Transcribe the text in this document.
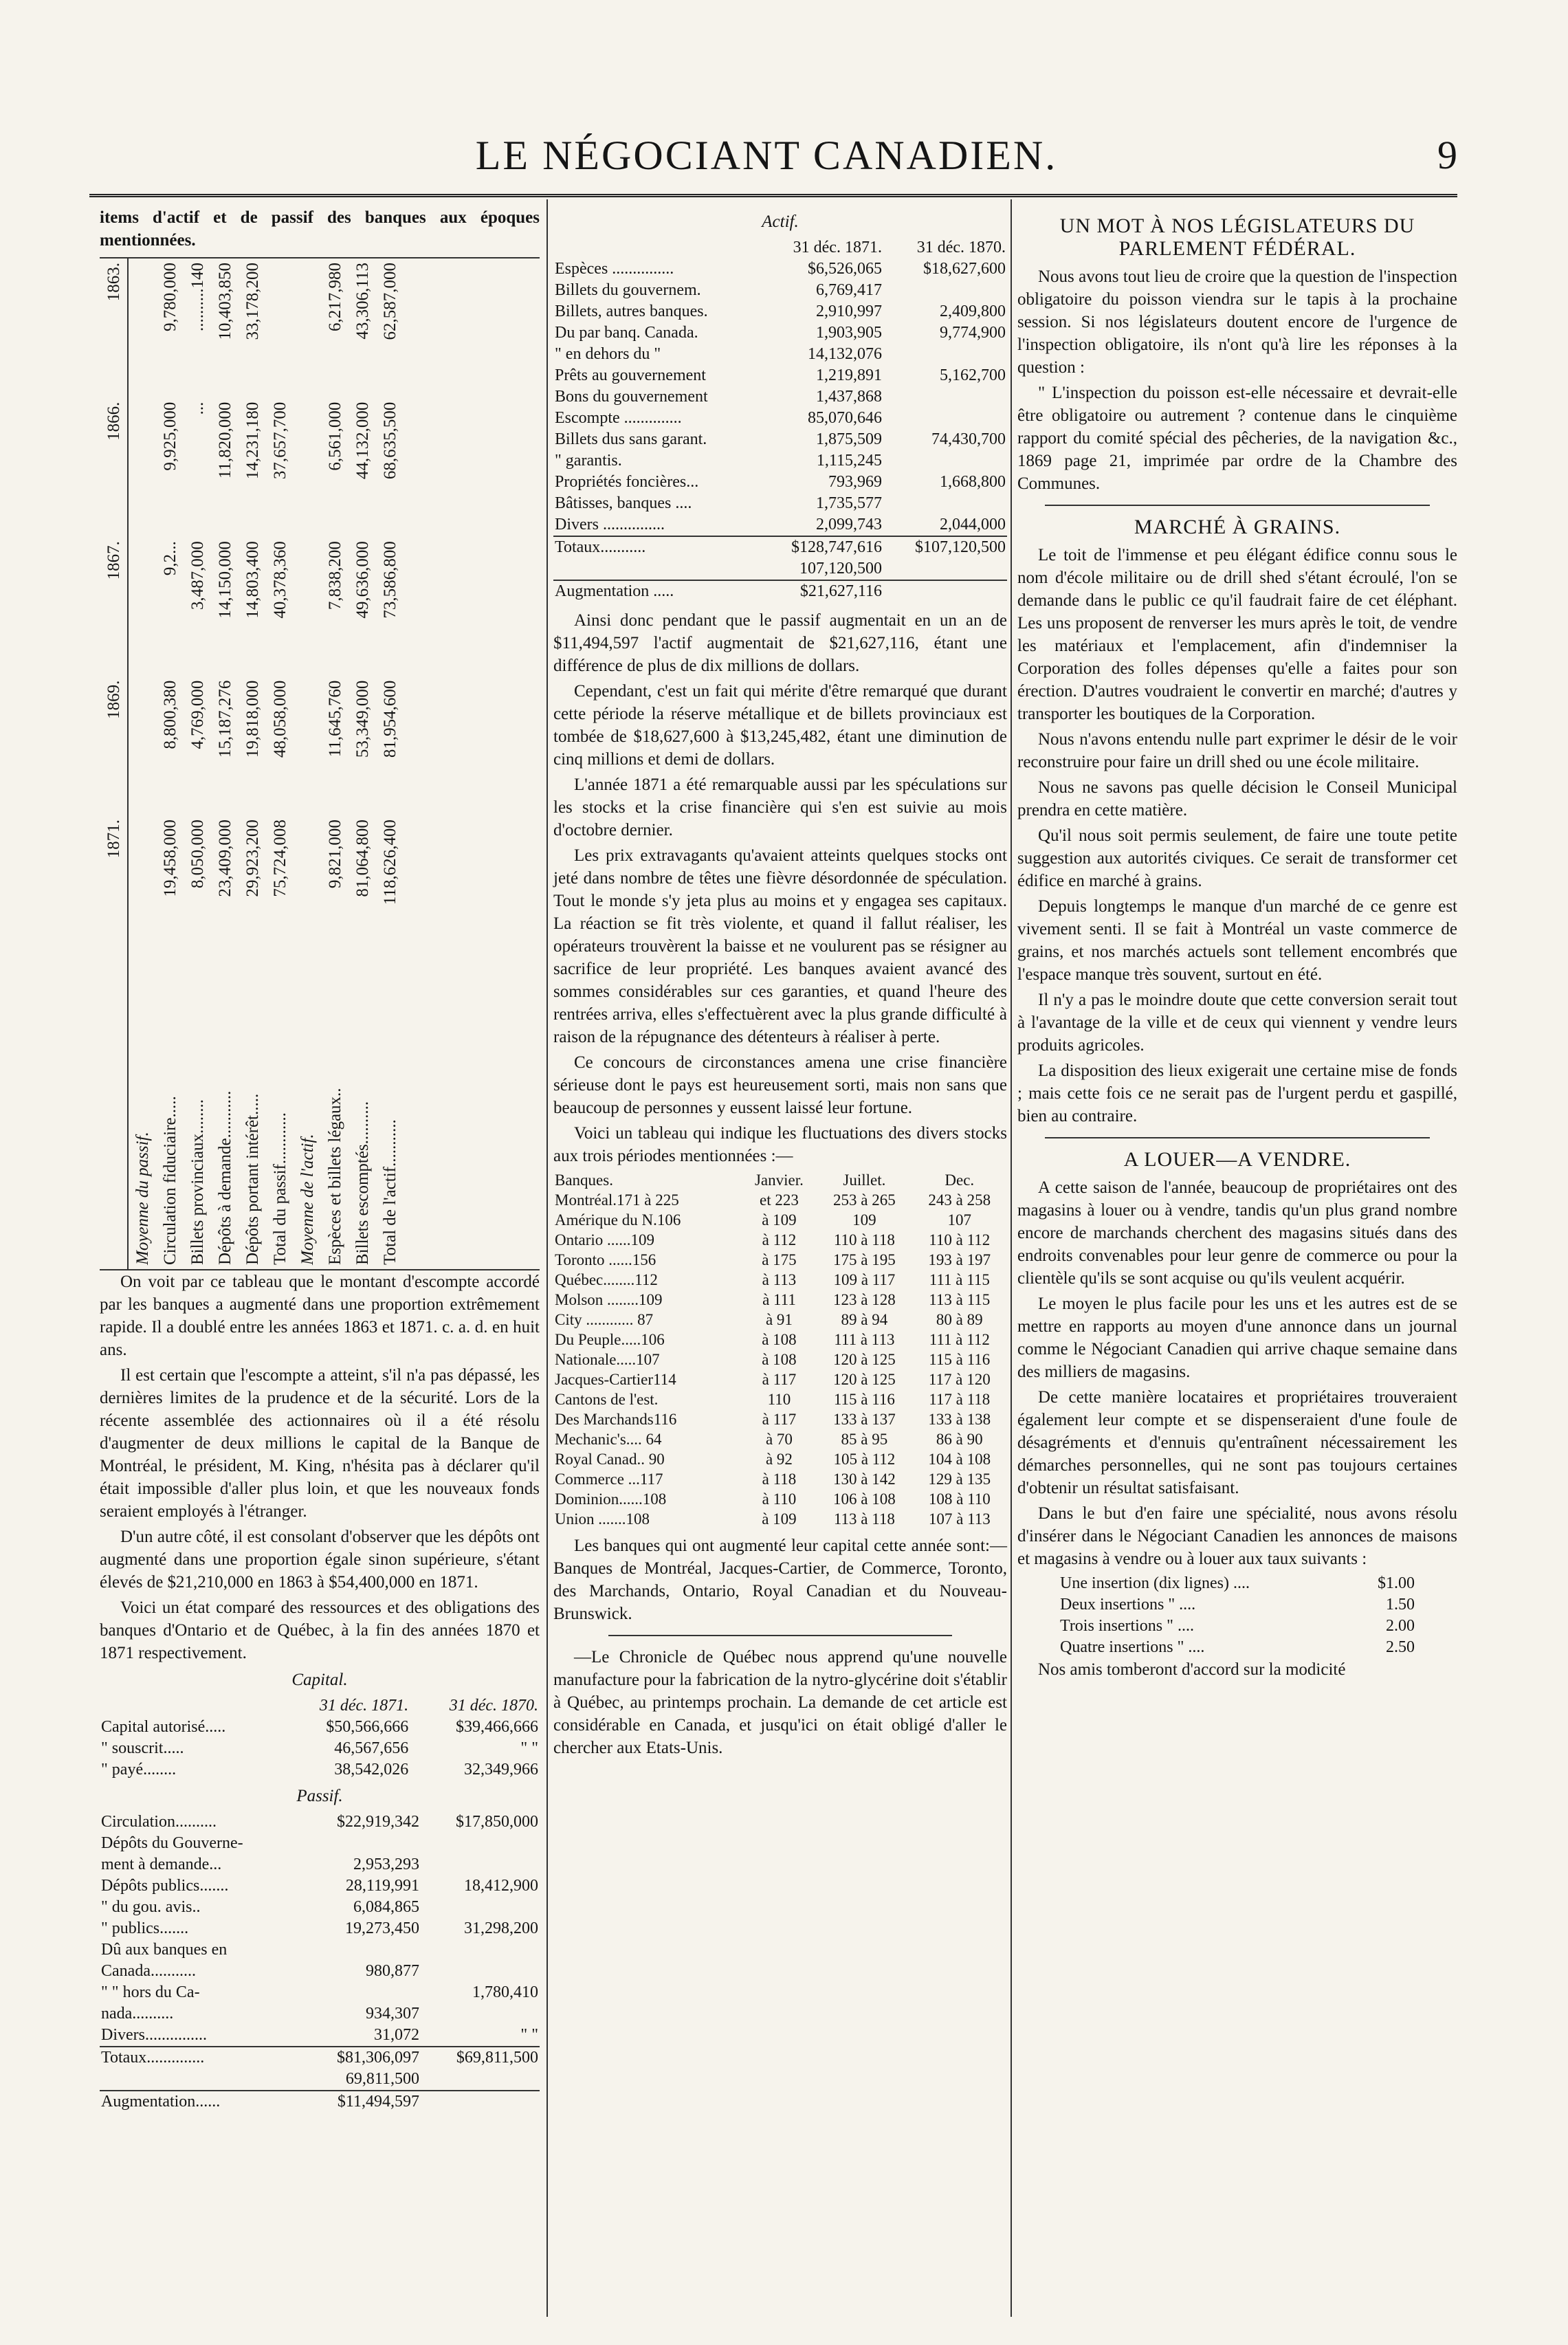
LE NÉGOCIANT CANADIEN.	9

items d'actif et de passif des banques aux époques mentionnées.

	1871.	1869.	1867.	1866.	1863.
Moyenne du passif.					
Circulation fiduciaire.....	19,458,000	8,800,380	9,2...	9,925,000	9,780,000
Billets provinciaux........	8,050,000	4,769,000	3,487,000	...	..........140
Dépôts à demande...........	23,409,000	15,187,276	14,150,000	11,820,000	10,403,850
Dépôts portant intérêt.....	29,923,200	19,818,000	14,803,400	14,231,180	33,178,200
Total du passif............	75,724,008	48,058,000	40,378,360	37,657,700	
Moyenne de l'actif.					
Espèces et billets légaux..	9,821,000	11,645,760	7,838,200	6,561,000	6,217,980
Billets escomptés..........	81,064,800	53,349,000	49,636,000	44,132,000	43,306,113
Total de l'actif...........	118,626,400	81,954,600	73,586,800	68,635,500	62,587,000

On voit par ce tableau que le montant d'escompte accordé par les banques a augmenté dans une proportion extrêmement rapide. Il a doublé entre les années 1863 et 1871. c. a. d. en huit ans.

Il est certain que l'escompte a atteint, s'il n'a pas dépassé, les dernières limites de la prudence et de la sécurité. Lors de la récente assemblée des actionnaires où il a été résolu d'augmenter de deux millions le capital de la Banque de Montréal, le président, M. King, n'hésita pas à déclarer qu'il était impossible d'aller plus loin, et que les nouveaux fonds seraient employés à l'étranger.

D'un autre côté, il est consolant d'observer que les dépôts ont augmenté dans une proportion égale sinon supérieure, s'étant élevés de $21,210,000 en 1863 à $54,400,000 en 1871.

Voici un état comparé des ressources et des obligations des banques d'Ontario et de Québec, à la fin des années 1870 et 1871 respectivement.

Capital.

	31 déc. 1871.	31 déc. 1870.
Capital autorisé.....	$50,566,666	$39,466,666
" souscrit.....	46,567,656	" "
" payé........	38,542,026	32,349,966

Passif.

Circulation..........	$22,919,342	$17,850,000
Dépôts du Gouverne-		
ment à demande...	2,953,293	
Dépôts publics.......	28,119,991	18,412,900
" du gou. avis..	6,084,865	
" publics.......	19,273,450	31,298,200
Dû aux banques en		
Canada...........	980,877	
" " hors du Ca-		1,780,410
nada..........	934,307	
Divers...............	31,072	" "
Totaux..............	$81,306,097	$69,811,500
	69,811,500	
Augmentation......	$11,494,597	

Actif.

	31 déc. 1871.	31 déc. 1870.
Espèces ...............	$6,526,065	$18,627,600
Billets du gouvernem.	6,769,417	
Billets, autres banques.	2,910,997	2,409,800
Du par banq. Canada.	1,903,905	9,774,900
" en dehors du "	14,132,076	
Prêts au gouvernement	1,219,891	5,162,700
Bons du gouvernement	1,437,868	
Escompte ..............	85,070,646	
Billets dus sans garant.	1,875,509	74,430,700
" garantis.	1,115,245	
Propriétés foncières...	793,969	1,668,800
Bâtisses, banques ....	1,735,577	
Divers ...............	2,099,743	2,044,000
Totaux...........	$128,747,616	$107,120,500
	107,120,500	
Augmentation .....	$21,627,116	

Ainsi donc pendant que le passif augmentait en un an de $11,494,597 l'actif augmentait de $21,627,116, étant une différence de plus de dix millions de dollars.

Cependant, c'est un fait qui mérite d'être remarqué que durant cette période la réserve métallique et de billets provinciaux est tombée de $18,627,600 à $13,245,482, étant une diminution de cinq millions et demi de dollars.

L'année 1871 a été remarquable aussi par les spéculations sur les stocks et la crise financière qui s'en est suivie au mois d'octobre dernier.

Les prix extravagants qu'avaient atteints quelques stocks ont jeté dans nombre de têtes une fièvre désordonnée de spéculation. Tout le monde s'y jeta plus au moins et y engagea ses capitaux. La réaction se fit très violente, et quand il fallut réaliser, les opérateurs trouvèrent la baisse et ne voulurent pas se résigner au sacrifice de leur propriété. Les banques avaient avancé des sommes considérables sur ces garanties, et quand l'heure des rentrées arriva, elles s'effectuèrent avec la plus grande difficulté à raison de la répugnance des détenteurs à réaliser à perte.

Ce concours de circonstances amena une crise financière sérieuse dont le pays est heureusement sorti, mais non sans que beaucoup de personnes y eussent laissé leur fortune.

Voici un tableau qui indique les fluctuations des divers stocks aux trois périodes mentionnées :—

Banques.	Janvier.	Juillet.	Dec.
Montréal.171 à 225	et 223	253 à 265	243 à 258
Amérique du N.106	à 109	109	107
Ontario ......109	à 112	110 à 118	110 à 112
Toronto ......156	à 175	175 à 195	193 à 197
Québec........112	à 113	109 à 117	111 à 115
Molson ........109	à 111	123 à 128	113 à 115
City ............ 87	à 91	89 à 94	80 à 89
Du Peuple.....106	à 108	111 à 113	111 à 112
Nationale.....107	à 108	120 à 125	115 à 116
Jacques-Cartier114	à 117	120 à 125	117 à 120
Cantons de l'est.	110	115 à 116	117 à 118
Des Marchands116	à 117	133 à 137	133 à 138
Mechanic's.... 64	à 70	85 à 95	86 à 90
Royal Canad.. 90	à 92	105 à 112	104 à 108
Commerce ...117	à 118	130 à 142	129 à 135
Dominion......108	à 110	106 à 108	108 à 110
Union .......108	à 109	113 à 118	107 à 113

Les banques qui ont augmenté leur capital cette année sont:—Banques de Montréal, Jacques-Cartier, de Commerce, Toronto, des Marchands, Ontario, Royal Canadian et du Nouveau-Brunswick.

—Le Chronicle de Québec nous apprend qu'une nouvelle manufacture pour la fabrication de la nytro-glycérine doit s'établir à Québec, au printemps prochain. La demande de cet article est considérable en Canada, et jusqu'ici on était obligé d'aller le chercher aux Etats-Unis.

UN MOT À NOS LÉGISLATEURS DU PARLEMENT FÉDÉRAL.

Nous avons tout lieu de croire que la question de l'inspection obligatoire du poisson viendra sur le tapis à la prochaine session. Si nos législateurs doutent encore de l'urgence de l'inspection obligatoire, ils n'ont qu'à lire les réponses à la question :

" L'inspection du poisson est-elle nécessaire et devrait-elle être obligatoire ou autrement ? contenue dans le cinquième rapport du comité spécial des pêcheries, de la navigation &c., 1869 page 21, imprimée par ordre de la Chambre des Communes.

MARCHÉ À GRAINS.

Le toit de l'immense et peu élégant édifice connu sous le nom d'école militaire ou de drill shed s'étant écroulé, l'on se demande dans le public ce qu'il faudrait faire de cet éléphant. Les uns proposent de renverser les murs après le toit, de vendre les matériaux et l'emplacement, afin d'indemniser la Corporation des folles dépenses qu'elle a faites pour son érection. D'autres voudraient le convertir en marché; d'autres y transporter les boutiques de la Corporation.

Nous n'avons entendu nulle part exprimer le désir de le voir reconstruire pour faire un drill shed ou une école militaire.

Nous ne savons pas quelle décision le Conseil Municipal prendra en cette matière.

Qu'il nous soit permis seulement, de faire une toute petite suggestion aux autorités civiques. Ce serait de transformer cet édifice en marché à grains.

Depuis longtemps le manque d'un marché de ce genre est vivement senti. Il se fait à Montréal un vaste commerce de grains, et nos marchés actuels sont tellement encombrés que l'espace manque très souvent, surtout en été.

Il n'y a pas le moindre doute que cette conversion serait tout à l'avantage de la ville et de ceux qui viennent y vendre leurs produits agricoles.

La disposition des lieux exigerait une certaine mise de fonds ; mais cette fois ce ne serait pas de l'urgent perdu et gaspillé, bien au contraire.

A LOUER—A VENDRE.

A cette saison de l'année, beaucoup de propriétaires ont des magasins à louer ou à vendre, tandis qu'un plus grand nombre encore de marchands cherchent des magasins situés dans des endroits convenables pour leur genre de commerce ou pour la clientèle qu'ils se sont acquise ou qu'ils veulent acquérir.

Le moyen le plus facile pour les uns et les autres est de se mettre en rapports au moyen d'une annonce dans un journal comme le Négociant Canadien qui arrive chaque semaine dans des milliers de magasins.

De cette manière locataires et propriétaires trouveraient également leur compte et se dispenseraient d'une foule de désagréments et d'ennuis qu'entraînent nécessairement les démarches personnelles, qui ne sont pas toujours certaines d'obtenir un résultat satisfaisant.

Dans le but d'en faire une spécialité, nous avons résolu d'insérer dans le Négociant Canadien les annonces de maisons et magasins à vendre ou à louer aux taux suivants :

Une insertion (dix lignes) ....	$1.00
Deux insertions " ....	1.50
Trois insertions " ....	2.00
Quatre insertions " ....	2.50

Nos amis tomberont d'accord sur la modicité
